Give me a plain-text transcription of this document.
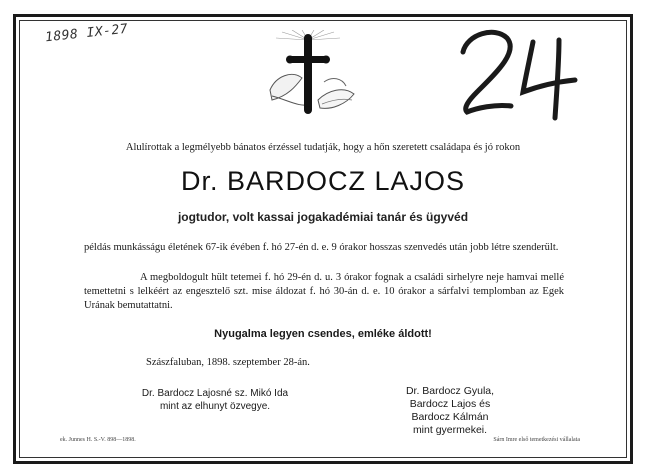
1898 IX-27
Alulírottak a legmélyebb bánatos érzéssel tudatják, hogy a hőn szeretett családapa és jó rokon
Dr. BARDOCZ LAJOS
jogtudor, volt kassai jogakadémiai tanár és ügyvéd
példás munkásságu életének 67-ik évében f. hó 27-én d. e. 9 órakor hosszas szenvedés után jobb létre szenderült.
A megboldogult hült tetemei f. hó 29-én d. u. 3 órakor fognak a családi sirhelyre neje hamvai mellé temettetni s lelkéért az engesztelő szt. mise áldozat f. hó 30-án d. e. 10 órakor a sárfalvi templomban az Egek Urának bemutattatni.
Nyugalma legyen csendes, emléke áldott!
Szászfaluban, 1898. szeptember 28-án.
Dr. Bardocz Lajosné sz. Mikó Ida
mint az elhunyt özvegye.
Dr. Bardocz Gyula,
Bardocz Lajos és
Bardocz Kálmán
mint gyermekei.
ek. Junnes H. S.-V. 898—1898.	Sárn Imre első temetkezési vállalata
